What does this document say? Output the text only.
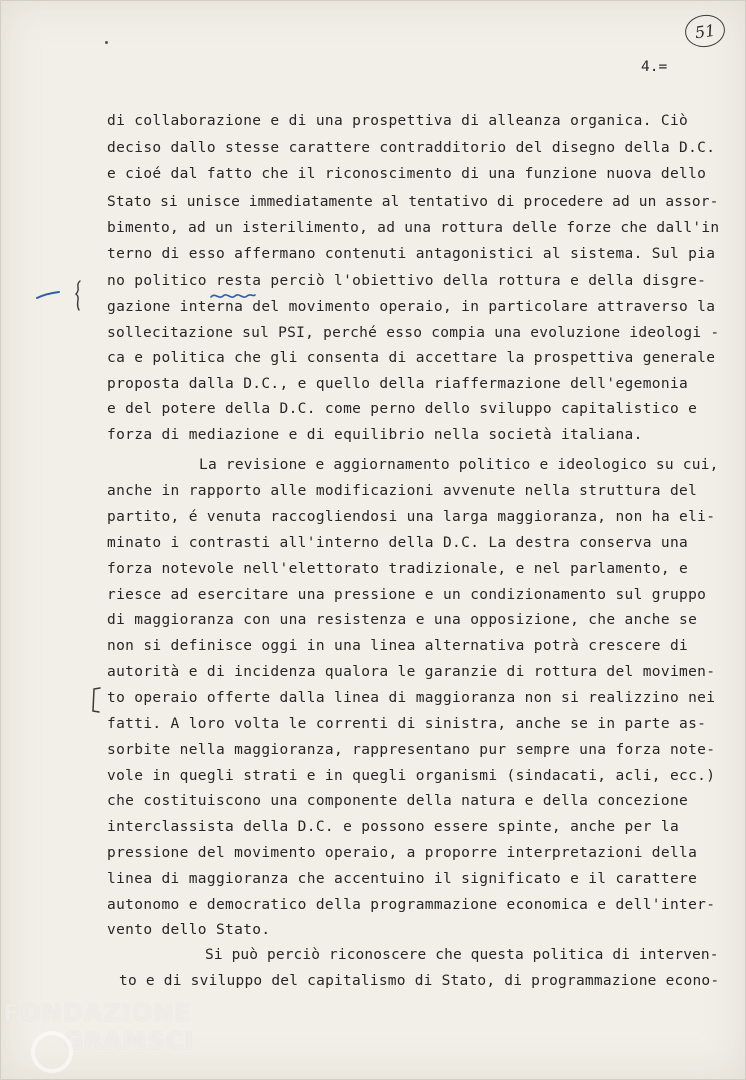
51
4.=
di collaborazione e di una prospettiva di alleanza organica. Ciò
deciso dallo stesse carattere contradditorio del disegno della D.C.
e cioé dal fatto che il riconoscimento di una funzione nuova dello
Stato si unisce immediatamente al tentativo di procedere ad un assor-
bimento, ad un isterilimento, ad una rottura delle forze che dall'in
terno di esso affermano contenuti antagonistici al sistema. Sul pia
no politico resta perciò l'obiettivo della rottura e della disgre-
gazione interna del movimento operaio, in particolare attraverso la
sollecitazione sul PSI, perché esso compia una evoluzione ideologi -
ca e politica che gli consenta di accettare la prospettiva generale
proposta dalla D.C., e quello della riaffermazione dell'egemonia
e del potere della D.C. come perno dello sviluppo capitalistico e
forza di mediazione e di equilibrio nella società italiana.
La revisione e aggiornamento politico e ideologico su cui,
anche in rapporto alle modificazioni avvenute nella struttura del
partito, é venuta raccogliendosi una larga maggioranza, non ha eli-
minato i contrasti all'interno della D.C. La destra conserva una
forza notevole nell'elettorato tradizionale, e nel parlamento, e
riesce ad esercitare una pressione e un condizionamento sul gruppo
di maggioranza con una resistenza e una opposizione, che anche se
non si definisce oggi in una linea alternativa potrà crescere di
autorità e di incidenza qualora le garanzie di rottura del movimen-
to operaio offerte dalla linea di maggioranza non si realizzino nei
fatti. A loro volta le correnti di sinistra, anche se in parte as-
sorbite nella maggioranza, rappresentano pur sempre una forza note-
vole in quegli strati e in quegli organismi (sindacati, acli, ecc.)
che costituiscono una componente della natura e della concezione
interclassista della D.C. e possono essere spinte, anche per la
pressione del movimento operaio, a proporre interpretazioni della
linea di maggioranza che accentuino il significato e il carattere
autonomo e democratico della programmazione economica e dell'inter-
vento dello Stato.
Si può perciò riconoscere che questa politica di interven-
to e di sviluppo del capitalismo di Stato, di programmazione econo-
FONDAZIONE
GRAMSCI
